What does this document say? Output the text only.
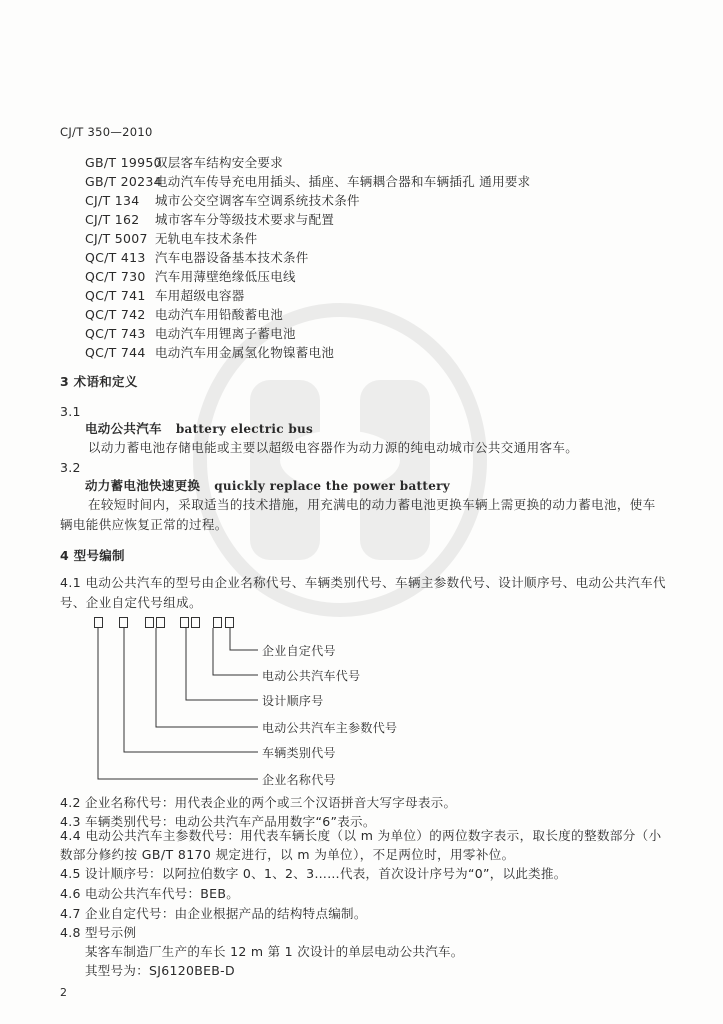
CJ/T 350—2010
GB/T 19950双层客车结构安全要求
GB/T 20234电动汽车传导充电用插头、插座、车辆耦合器和车辆插孔 通用要求
CJ/T 134 城市公交空调客车空调系统技术条件
CJ/T 162 城市客车分等级技术要求与配置
CJ/T 5007 无轨电车技术条件
QC/T 413 汽车电器设备基本技术条件
QC/T 730 汽车用薄壁绝缘低压电线
QC/T 741 车用超级电容器
QC/T 742 电动汽车用铅酸蓄电池
QC/T 743 电动汽车用锂离子蓄电池
QC/T 744 电动汽车用金属氢化物镍蓄电池
3 术语和定义
3.1
电动公共汽车 battery electric bus
以动力蓄电池存储电能或主要以超级电容器作为动力源的纯电动城市公共交通用客车。
3.2
动力蓄电池快速更换 quickly replace the power battery
在较短时间内，采取适当的技术措施，用充满电的动力蓄电池更换车辆上需更换的动力蓄电池，使车辆电能供应恢复正常的过程。
4 型号编制
4.1 电动公共汽车的型号由企业名称代号、车辆类别代号、车辆主参数代号、设计顺序号、电动公共汽车代号、企业自定代号组成。
企业自定代号
电动公共汽车代号
设计顺序号
电动公共汽车主参数代号
车辆类别代号
企业名称代号
4.2 企业名称代号：用代表企业的两个或三个汉语拼音大写字母表示。
4.3 车辆类别代号：电动公共汽车产品用数字“6”表示。
4.4 电动公共汽车主参数代号：用代表车辆长度（以 m 为单位）的两位数字表示，取长度的整数部分（小数部分修约按 GB/T 8170 规定进行，以 m 为单位），不足两位时，用零补位。
4.5 设计顺序号：以阿拉伯数字 0、1、2、3……代表，首次设计序号为“0”，以此类推。
4.6 电动公共汽车代号：BEB。
4.7 企业自定代号：由企业根据产品的结构特点编制。
4.8 型号示例
某客车制造厂生产的车长 12 m 第 1 次设计的单层电动公共汽车。
其型号为：SJ6120BEB-D
2
